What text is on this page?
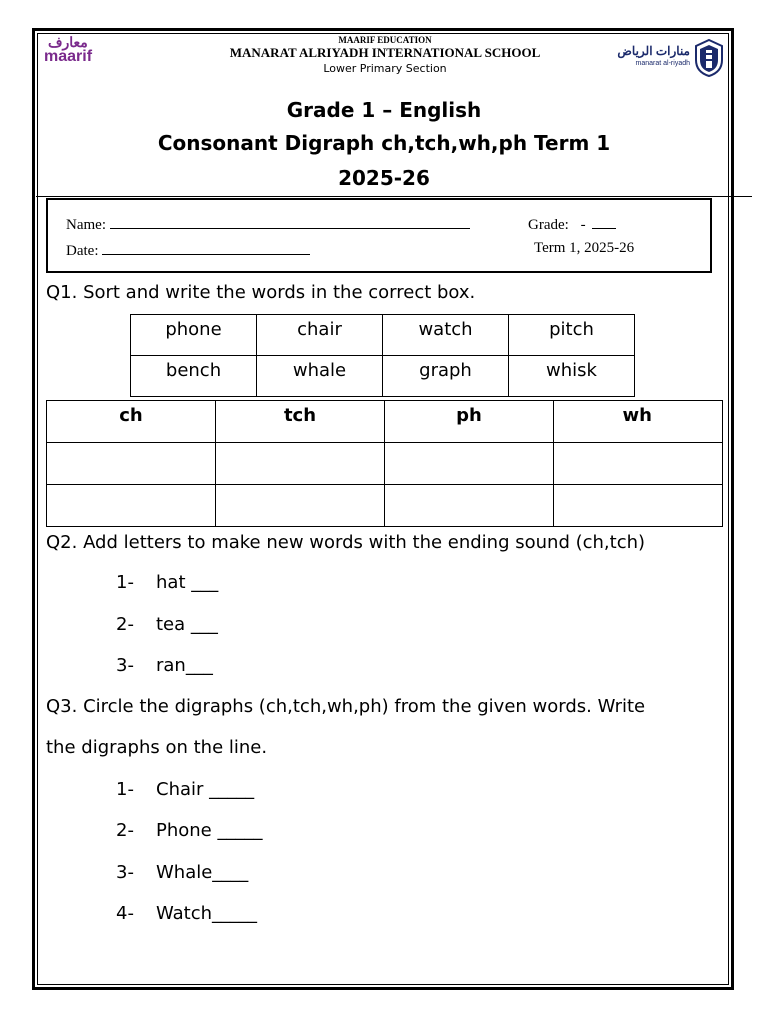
معارف
maarif
MAARIF EDUCATION
MANARAT ALRIYADH INTERNATIONAL SCHOOL
Lower Primary Section
منارات الرياض
manarat al-riyadh
Grade 1 – English
Consonant Digraph ch,tch,wh,ph Term 1
2025-26
Name:	Grade: -
Date:	Term 1, 2025-26
Q1. Sort and write the words in the correct box.
phone	chair	watch	pitch
bench	whale	graph	whisk
ch	tch	ph	wh

Q2. Add letters to make new words with the ending sound (ch,tch)
1- hat ___
2- tea ___
3- ran___
Q3. Circle the digraphs (ch,tch,wh,ph) from the given words. Write
the digraphs on the line.
1- Chair _____
2- Phone _____
3- Whale____
4- Watch_____
